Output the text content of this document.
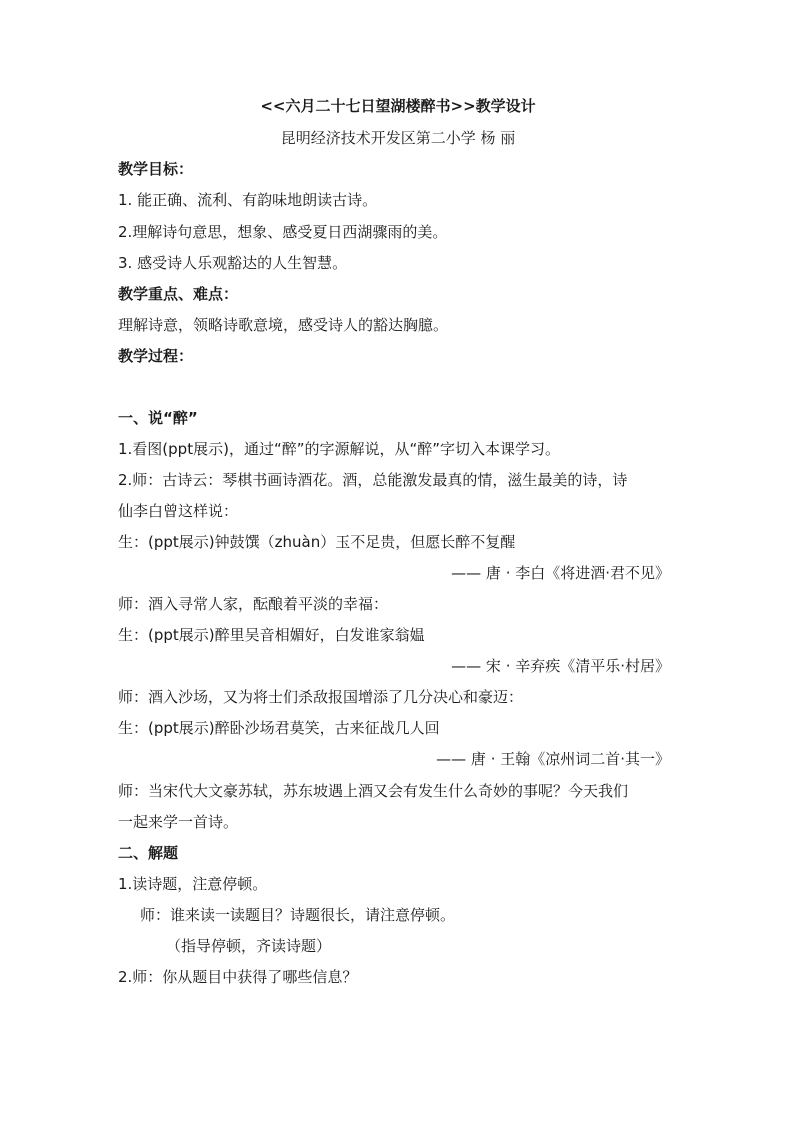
<<六月二十七日望湖楼醉书>>教学设计
昆明经济技术开发区第二小学 杨 丽
教学目标：
1. 能正确、流利、有韵味地朗读古诗。
2.理解诗句意思，想象、感受夏日西湖骤雨的美。
3. 感受诗人乐观豁达的人生智慧。
教学重点、难点：
理解诗意，领略诗歌意境，感受诗人的豁达胸臆。
教学过程：
一、说“醉”
1.看图(ppt展示)，通过“醉”的字源解说，从“醉”字切入本课学习。
2.师：古诗云：琴棋书画诗酒花。酒，总能激发最真的情，滋生最美的诗，诗
仙李白曾这样说：
生：(ppt展示)钟鼓馔（zhuàn）玉不足贵，但愿长醉不复醒
—— 唐 · 李白《将进酒·君不见》
师：酒入寻常人家，酝酿着平淡的幸福：
生：(ppt展示)醉里吴音相媚好，白发谁家翁媪
—— 宋 · 辛弃疾《清平乐·村居》
师：酒入沙场，又为将士们杀敌报国增添了几分决心和豪迈：
生：(ppt展示)醉卧沙场君莫笑，古来征战几人回
—— 唐 · 王翰《凉州词二首·其一》
师：当宋代大文豪苏轼，苏东坡遇上酒又会有发生什么奇妙的事呢？今天我们
一起来学一首诗。
二、解题
1.读诗题，注意停顿。
师：谁来读一读题目？诗题很长，请注意停顿。
（指导停顿，齐读诗题）
2.师：你从题目中获得了哪些信息？
